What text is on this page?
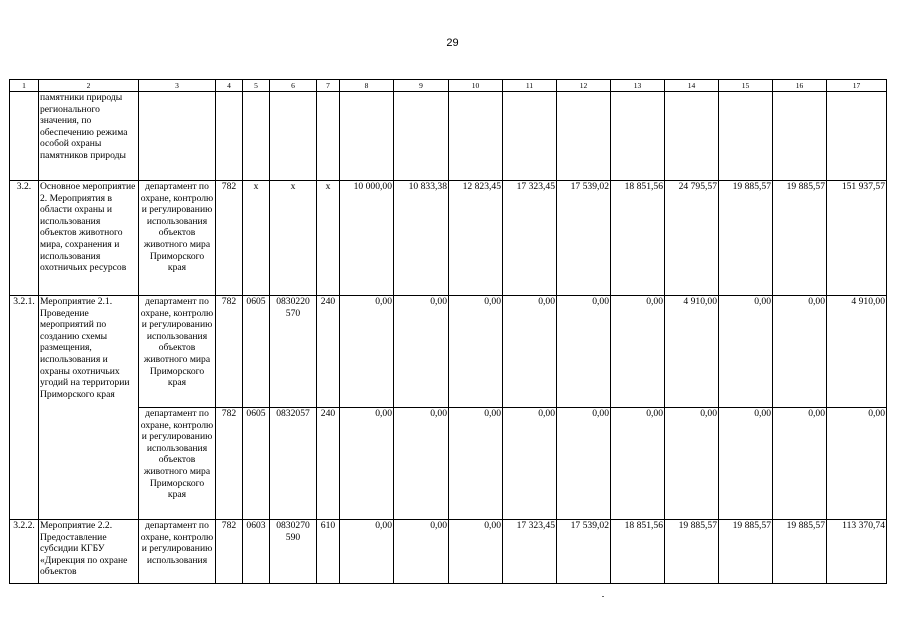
29
1	2	3	4	5	6	7	8	9	10	11	12	13	14	15	16	17
	памятники природы регионального значения, по обеспечению режима особой охраны памятников природы															
3.2.	Основное мероприятие 2. Мероприятия в области охраны и использования объектов животного мира, сохранения и использования охотничьих ресурсов	департамент по охране, контролю и регулированию использования объектов животного мира Приморского края	782	х	х	х	10 000,00	10 833,38	12 823,45	17 323,45	17 539,02	18 851,56	24 795,57	19 885,57	19 885,57	151 937,57
3.2.1.	Мероприятие 2.1. Проведение мероприятий по созданию схемы размещения, использования и охраны охотничьих угодий на территории Приморского края	департамент по охране, контролю и регулированию использования объектов животного мира Приморского края	782	0605	0830220 570	240	0,00	0,00	0,00	0,00	0,00	0,00	4 910,00	0,00	0,00	4 910,00
		департамент по охране, контролю и регулированию использования объектов животного мира Приморского края	782	0605	0832057	240	0,00	0,00	0,00	0,00	0,00	0,00	0,00	0,00	0,00	0,00
3.2.2.	Мероприятие 2.2. Предоставление субсидии КГБУ «Дирекция по охране объектов	департамент по охране, контролю и регулированию использования	782	0603	0830270 590	610	0,00	0,00	0,00	17 323,45	17 539,02	18 851,56	19 885,57	19 885,57	19 885,57	113 370,74
